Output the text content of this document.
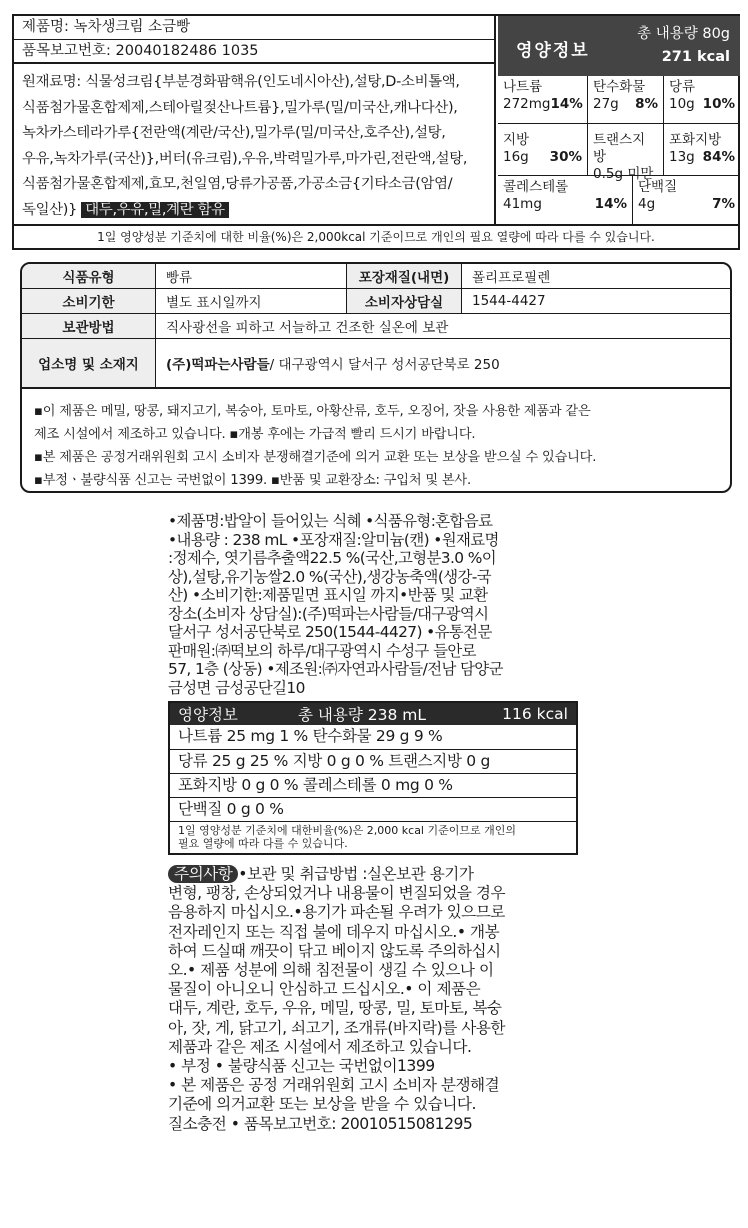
제품명: 녹차생크림 소금빵
품목보고번호: 20040182486 1035
원재료명: 식물성크림{부분경화팜핵유(인도네시아산),설탕,D-소비톨액,
식품첨가물혼합제제,스테아릴젖산나트륨},밀가루(밀/미국산,캐나다산),
녹차카스테라가루{전란액(계란/국산),밀가루(밀/미국산,호주산),설탕,
우유,녹차가루(국산)},버터(유크림),우유,박력밀가루,마가린,전란액,설탕,
식품첨가물혼합제제,효모,천일염,당류가공품,가공소금{기타소금(암염/
독일산)} 대두,우유,밀,계란 함유
영양정보
총 내용량 80g
271 kcal
나트륨
272mg 14%
탄수화물
27g 8%
당류
10g 10%
지방
16g 30%
트랜스지방
0.5g 미만
포화지방
13g 84%
콜레스테롤
41mg	14%
단백질
4g	7%
1일 영양성분 기준치에 대한 비율(%)은 2,000kcal 기준이므로 개인의 필요 열량에 따라 다를 수 있습니다.
식품유형	빵류	포장재질(내면)	폴리프로필렌
소비기한	별도 표시일까지	소비자상담실	1544-4427
보관방법	직사광선을 피하고 서늘하고 건조한 실온에 보관
업소명 및 소재지	(주)떡파는사람들 / 대구광역시 달서구 성서공단북로 250
▪이 제품은 메밀, 땅콩, 돼지고기, 복숭아, 토마토, 아황산류, 호두, 오징어, 잣을 사용한 제품과 같은
제조 시설에서 제조하고 있습니다. ▪개봉 후에는 가급적 빨리 드시기 바랍니다.
▪본 제품은 공정거래위원회 고시 소비자 분쟁해결기준에 의거 교환 또는 보상을 받으실 수 있습니다.
▪부정ㆍ불량식품 신고는 국번없이 1399. ▪반품 및 교환장소: 구입처 및 본사.
•제품명:밥알이 들어있는 식혜 •식품유형:혼합음료
•내용량 : 238 mL •포장재질:알미늄(캔) •원재료명
:정제수, 엿기름추출액22.5 %(국산,고형분3.0 %이
상),설탕,유기농쌀2.0 %(국산),생강농축액(생강-국
산) •소비기한:제품밑면 표시일 까지•반품 및 교환
장소(소비자 상담실):(주)떡파는사람들/대구광역시
달서구 성서공단북로 250(1544-4427) •유통전문
판매원:㈜떡보의 하루/대구광역시 수성구 들안로
57, 1층 (상동) •제조원:㈜자연과사람들/전남 담양군
금성면 금성공단길10
영양정보	총 내용량 238 mL	116 kcal
나트륨 25 mg 1 % 탄수화물 29 g 9 %
당류 25 g 25 % 지방 0 g 0 % 트랜스지방 0 g
포화지방 0 g 0 % 콜레스테롤 0 mg 0 %
단백질 0 g 0 %
1일 영양성분 기준치에 대한비율(%)은 2,000 kcal 기준이므로 개인의
필요 열량에 따라 다를 수 있습니다.
주의사항 •보관 및 취급방법 :실온보관 용기가
변형, 팽창, 손상되었거나 내용물이 변질되었을 경우
음용하지 마십시오.•용기가 파손될 우려가 있으므로
전자레인지 또는 직접 불에 데우지 마십시오.• 개봉
하여 드실때 깨끗이 닦고 베이지 않도록 주의하십시
오.• 제품 성분에 의해 침전물이 생길 수 있으나 이
물질이 아니오니 안심하고 드십시오.• 이 제품은
대두, 계란, 호두, 우유, 메밀, 땅콩, 밀, 토마토, 복숭
아, 잣, 게, 닭고기, 쇠고기, 조개류(바지락)를 사용한
제품과 같은 제조 시설에서 제조하고 있습니다.
• 부정 • 불량식품 신고는 국번없이1399
• 본 제품은 공정 거래위원회 고시 소비자 분쟁해결
기준에 의거교환 또는 보상을 받을 수 있습니다.
질소충전 • 품목보고번호: 20010515081295
